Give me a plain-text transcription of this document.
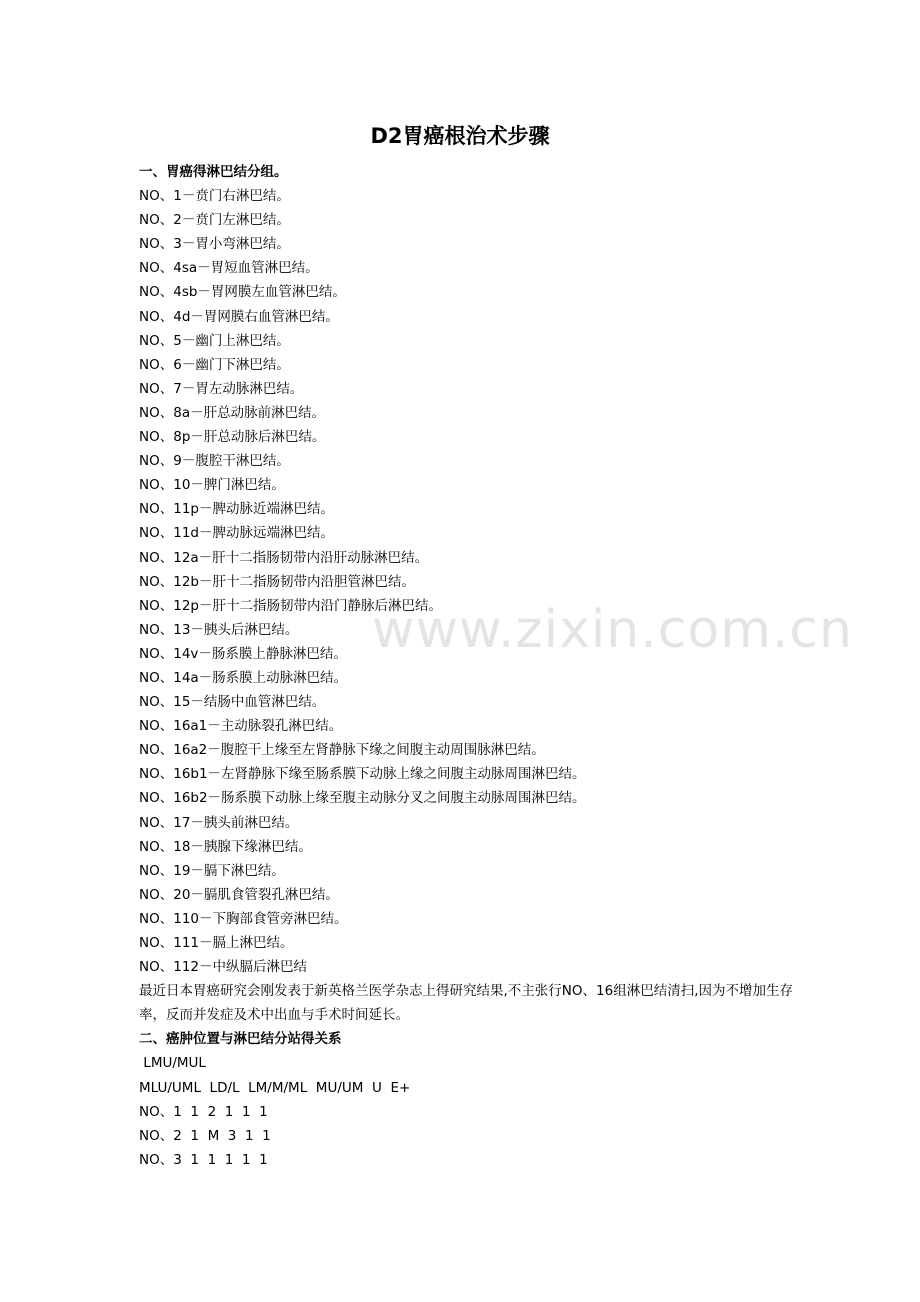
www.zixin.com.cn
D2胃癌根治术步骤
一、胃癌得淋巴结分组。
NO、1－贲门右淋巴结。
NO、2－贲门左淋巴结。
NO、3－胃小弯淋巴结。
NO、4sa－胃短血管淋巴结。
NO、4sb－胃网膜左血管淋巴结。
NO、4d－胃网膜右血管淋巴结。
NO、5－幽门上淋巴结。
NO、6－幽门下淋巴结。
NO、7－胃左动脉淋巴结。
NO、8a－肝总动脉前淋巴结。
NO、8p－肝总动脉后淋巴结。
NO、9－腹腔干淋巴结。
NO、10－脾门淋巴结。
NO、11p－脾动脉近端淋巴结。
NO、11d－脾动脉远端淋巴结。
NO、12a－肝十二指肠韧带内沿肝动脉淋巴结。
NO、12b－肝十二指肠韧带内沿胆管淋巴结。
NO、12p－肝十二指肠韧带内沿门静脉后淋巴结。
NO、13－胰头后淋巴结。
NO、14v－肠系膜上静脉淋巴结。
NO、14a－肠系膜上动脉淋巴结。
NO、15－结肠中血管淋巴结。
NO、16a1－主动脉裂孔淋巴结。
NO、16a2－腹腔干上缘至左肾静脉下缘之间腹主动周围脉淋巴结。
NO、16b1－左肾静脉下缘至肠系膜下动脉上缘之间腹主动脉周围淋巴结。
NO、16b2－肠系膜下动脉上缘至腹主动脉分叉之间腹主动脉周围淋巴结。
NO、17－胰头前淋巴结。
NO、18－胰腺下缘淋巴结。
NO、19－膈下淋巴结。
NO、20－膈肌食管裂孔淋巴结。
NO、110－下胸部食管旁淋巴结。
NO、111－膈上淋巴结。
NO、112－中纵膈后淋巴结
最近日本胃癌研究会刚发表于新英格兰医学杂志上得研究结果,不主张行NO、16组淋巴结清扫,因为不增加生存率，反而并发症及术中出血与手术时间延长。
二、癌肿位置与淋巴结分站得关系
LMU/MUL
MLU/UML  LD/L  LM/M/ML  MU/UM  U  E+
NO、1  1  2  1  1  1
NO、2  1  M  3  1  1
NO、3  1  1  1  1  1
